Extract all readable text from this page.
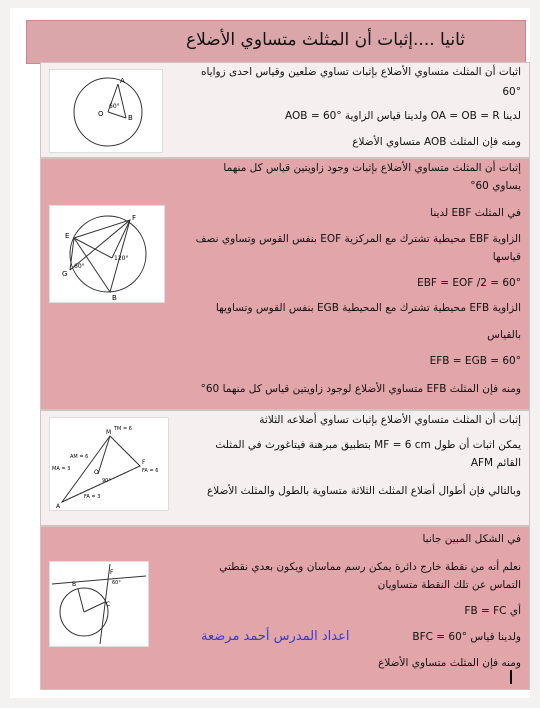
ثانيا ....إثبات أن المثلث متساوي الأضلاع
A
B
O
60°
اثبات أن المثلث متساوي الأضلاع بإثبات تساوي ضلعين وقياس احدى زواياه
60°
لدينا OA = OB = R ولدينا قياس الزاوية AOB = 60°
ومنه فإن المثلث AOB متساوي الأضلاع
E
F
G
B
60°
120°
إثبات أن المثلث متساوي الأضلاع بإثبات وجود زاويتين قياس كل منهما
يساوي 60°
في المثلث EBF لدينا
الزاوية EBF محيطية تشترك مع المركزية EOF بنفس القوس وتساوي نصف
قياسها
EBF = EOF /2 = 60°
الزاوية EFB محيطية تشترك مع المحيطية EGB بنفس القوس وتساويها
بالقياس
EFB = EGB = 60°
ومنه فإن المثلث EFB متساوي الأضلاع لوجود زاويتين قياس كل منهما 60°
TM = 6
MA = 3
FA = 3
AM = 6
FA = 6
90°
M
F
A
O
إثبات أن المثلث متساوي الأضلاع بإثبات تساوي أضلاعه الثلاثة
يمكن اثبات أن طول MF = 6 cm بتطبيق مبرهنة فيتاغورث في المثلث
القائم AFM
وبالتالي فإن أطوال أضلاع المثلث الثلاثة متساوية بالطول والمثلث الأضلاع
F
B
C
60°
في الشكل المبين جانبا
نعلم أنه من نقطة خارج دائرة يمكن رسم مماسان ويكون بعدي نقطتي
التماس عن تلك النقطة متساويان
أي FB = FC
ولدينا قياس BFC = 60°
ومنه فإن المثلث متساوي الأضلاع
اعداد المدرس أحمد مرضعة
